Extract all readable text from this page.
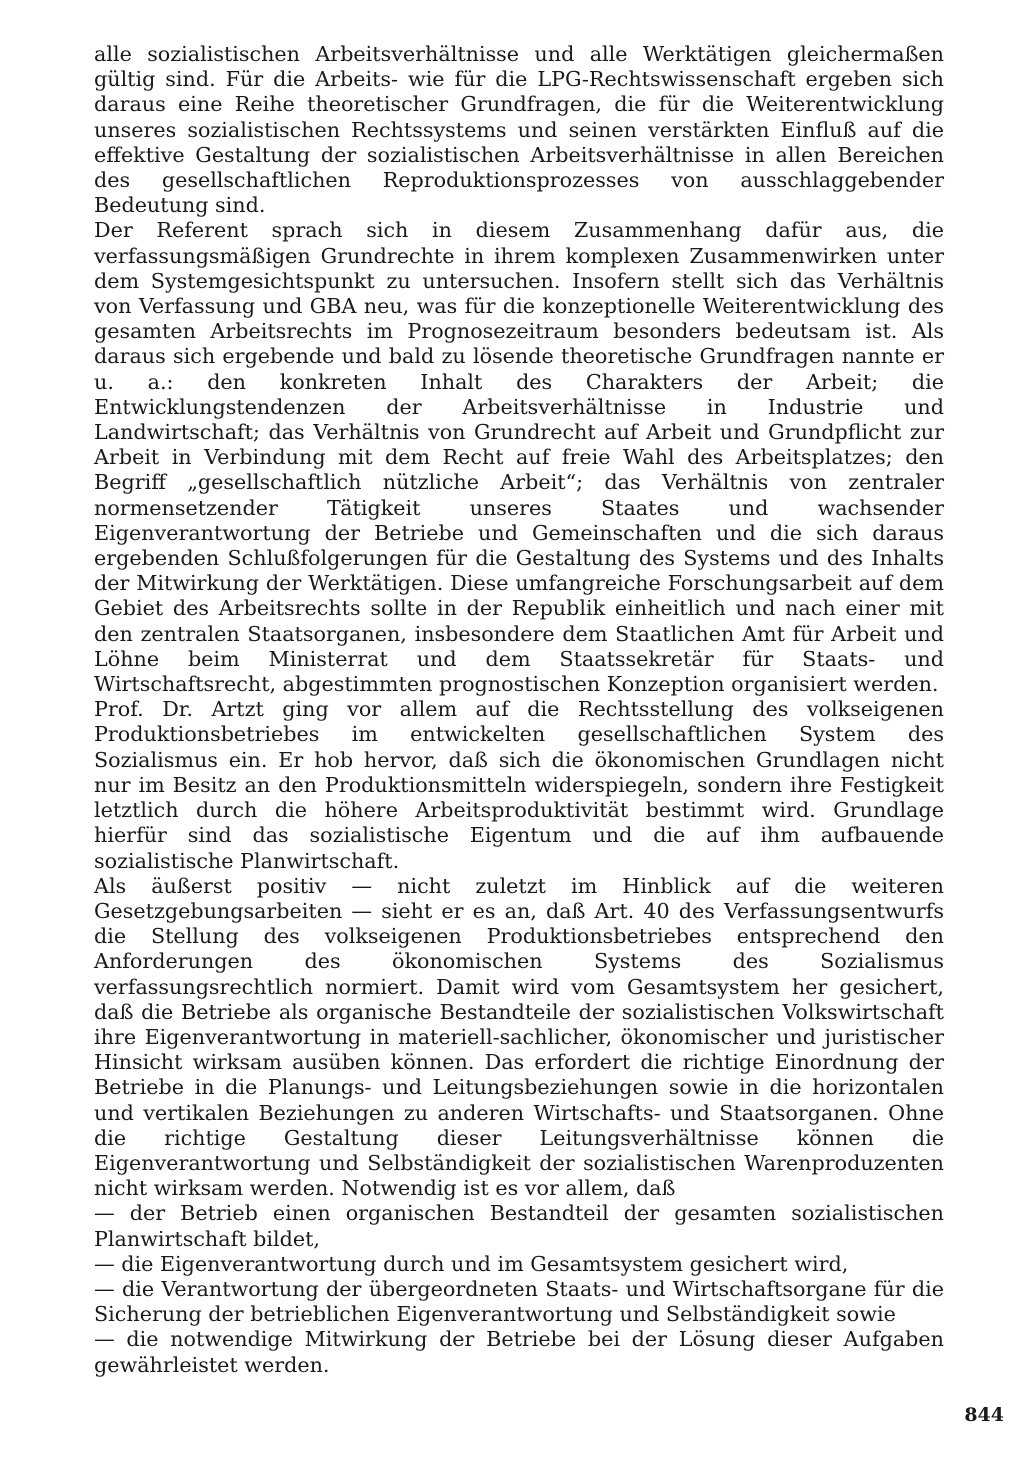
alle sozialistischen Arbeitsverhältnisse und alle Werktätigen gleichermaßen gültig sind. Für die Arbeits- wie für die LPG-Rechtswissenschaft ergeben sich daraus eine Reihe theoretischer Grundfragen, die für die Weiterentwicklung unseres sozialistischen Rechtssystems und seinen verstärkten Einfluß auf die effektive Gestaltung der sozialistischen Arbeitsverhältnisse in allen Bereichen des gesellschaftlichen Reproduktionsprozesses von ausschlaggebender Bedeutung sind.

Der Referent sprach sich in diesem Zusammenhang dafür aus, die verfassungsmäßigen Grundrechte in ihrem komplexen Zusammenwirken unter dem Systemgesichtspunkt zu untersuchen. Insofern stellt sich das Verhältnis von Verfassung und GBA neu, was für die konzeptionelle Weiterentwicklung des gesamten Arbeitsrechts im Prognosezeitraum besonders bedeutsam ist. Als daraus sich ergebende und bald zu lösende theoretische Grundfragen nannte er u. a.: den konkreten Inhalt des Charakters der Arbeit; die Entwicklungstendenzen der Arbeitsverhältnisse in Industrie und Landwirtschaft; das Verhältnis von Grundrecht auf Arbeit und Grundpflicht zur Arbeit in Verbindung mit dem Recht auf freie Wahl des Arbeitsplatzes; den Begriff „gesellschaftlich nützliche Arbeit“; das Verhältnis von zentraler normensetzender Tätigkeit unseres Staates und wachsender Eigenverantwortung der Betriebe und Gemeinschaften und die sich daraus ergebenden Schlußfolgerungen für die Gestaltung des Systems und des Inhalts der Mitwirkung der Werktätigen. Diese umfangreiche Forschungsarbeit auf dem Gebiet des Arbeitsrechts sollte in der Republik einheitlich und nach einer mit den zentralen Staatsorganen, insbesondere dem Staatlichen Amt für Arbeit und Löhne beim Ministerrat und dem Staatssekretär für Staats- und Wirtschaftsrecht, abgestimmten prognostischen Konzeption organisiert werden.

Prof. Dr. Artzt ging vor allem auf die Rechtsstellung des volkseigenen Produktionsbetriebes im entwickelten gesellschaftlichen System des Sozialismus ein. Er hob hervor, daß sich die ökonomischen Grundlagen nicht nur im Besitz an den Produktionsmitteln widerspiegeln, sondern ihre Festigkeit letztlich durch die höhere Arbeitsproduktivität bestimmt wird. Grundlage hierfür sind das sozialistische Eigentum und die auf ihm aufbauende sozialistische Planwirtschaft.

Als äußerst positiv — nicht zuletzt im Hinblick auf die weiteren Gesetzgebungsarbeiten — sieht er es an, daß Art. 40 des Verfassungsentwurfs die Stellung des volkseigenen Produktionsbetriebes entsprechend den Anforderungen des ökonomischen Systems des Sozialismus verfassungsrechtlich normiert. Damit wird vom Gesamtsystem her gesichert, daß die Betriebe als organische Bestandteile der sozialistischen Volkswirtschaft ihre Eigenverantwortung in materiell-sachlicher, ökonomischer und juristischer Hinsicht wirksam ausüben können. Das erfordert die richtige Einordnung der Betriebe in die Planungs- und Leitungsbeziehungen sowie in die horizontalen und vertikalen Beziehungen zu anderen Wirtschafts- und Staatsorganen. Ohne die richtige Gestaltung dieser Leitungsverhältnisse können die Eigenverantwortung und Selbständigkeit der sozialistischen Warenproduzenten nicht wirksam werden. Notwendig ist es vor allem, daß

— der Betrieb einen organischen Bestandteil der gesamten sozialistischen Planwirtschaft bildet,

— die Eigenverantwortung durch und im Gesamtsystem gesichert wird,

— die Verantwortung der übergeordneten Staats- und Wirtschaftsorgane für die Sicherung der betrieblichen Eigenverantwortung und Selbständigkeit sowie

— die notwendige Mitwirkung der Betriebe bei der Lösung dieser Aufgaben gewährleistet werden.

844
